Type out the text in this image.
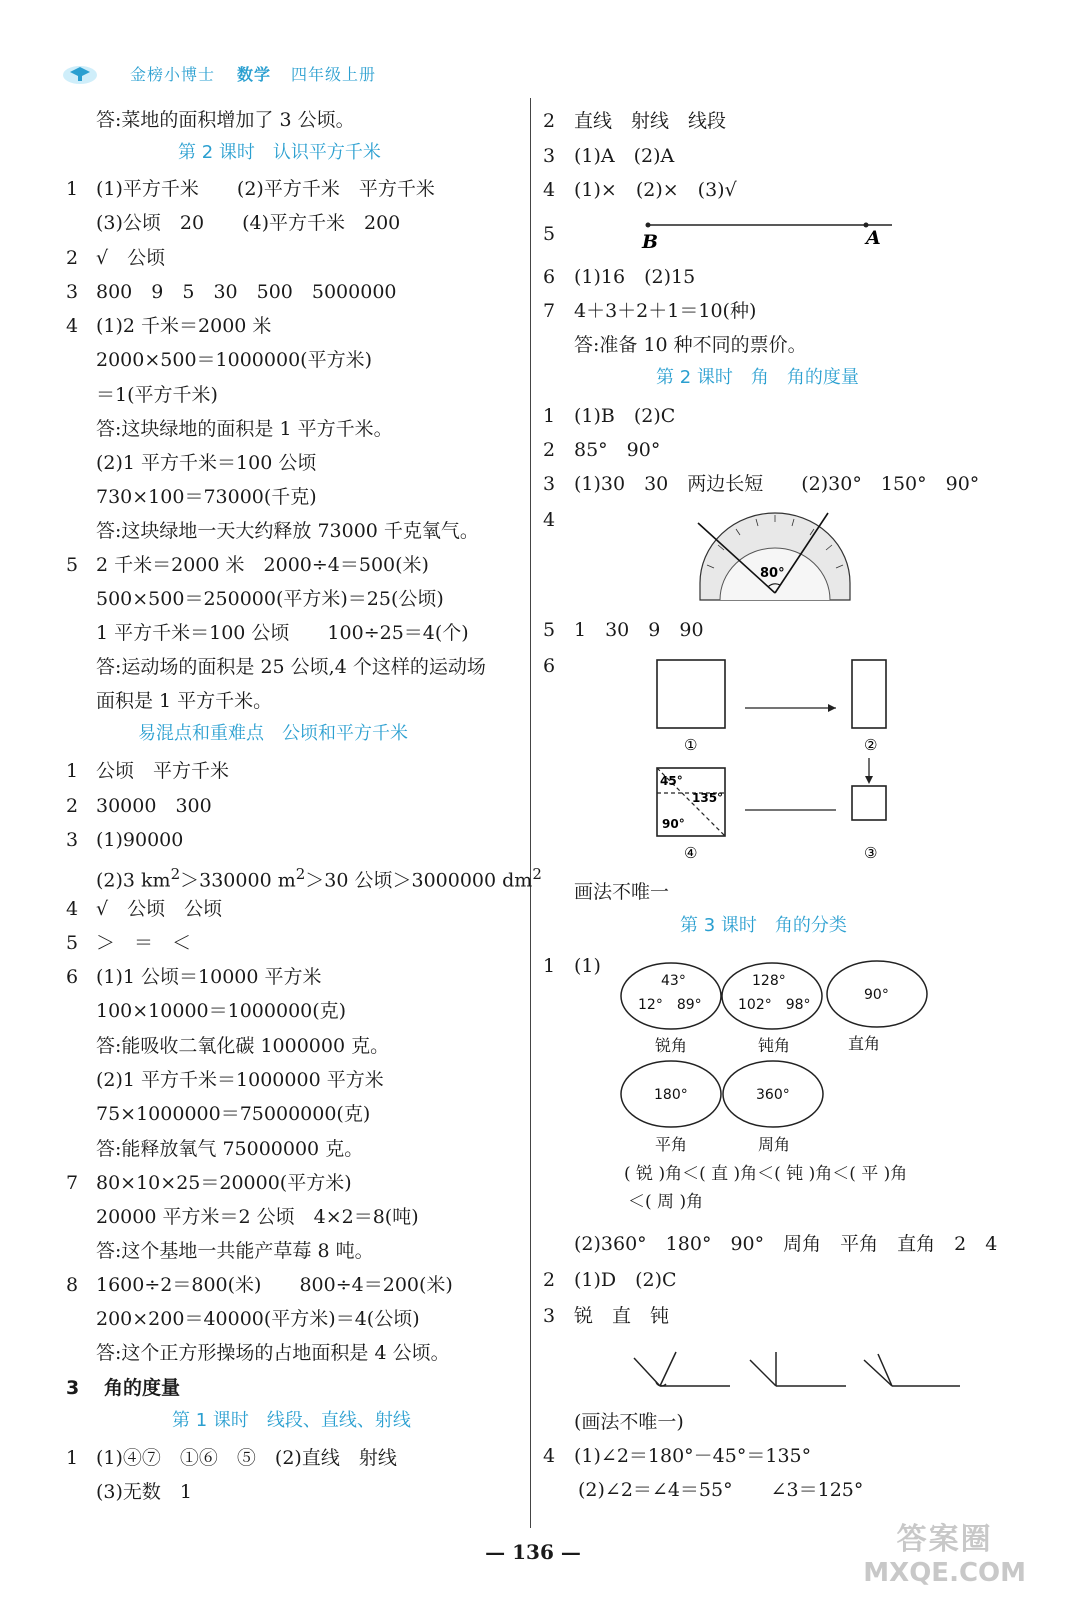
金榜小博士 数学 四年级上册
答:菜地的面积增加了 3 公顷。
第 2 课时　认识平方千米
1 (1)平方千米　　(2)平方千米　平方千米
(3)公顷　20　　(4)平方千米　200
2 √　公顷
3 800　9　5　30　500　5000000
4 (1)2 千米＝2000 米
2000×500＝1000000(平方米)
＝1(平方千米)
答:这块绿地的面积是 1 平方千米。
(2)1 平方千米＝100 公顷
730×100＝73000(千克)
答:这块绿地一天大约释放 73000 千克氧气。
5 2 千米＝2000 米　2000÷4＝500(米)
500×500＝250000(平方米)＝25(公顷)
1 平方千米＝100 公顷　　100÷25＝4(个)
答:运动场的面积是 25 公顷,4 个这样的运动场
面积是 1 平方千米。
易混点和重难点　公顷和平方千米
1 公顷　平方千米
2 30000　300
3 (1)90000
(2)3 $km^2>330000$ $m^2>30$ 公顷＞3000000 $dm^2$
4 √　公顷　公顷
5 ＞　＝　＜
6 (1)1 公顷＝10000 平方米
100×10000＝1000000(克)
答:能吸收二氧化碳 1000000 克。
(2)1 平方千米＝1000000 平方米
75×1000000＝75000000(克)
答:能释放氧气 75000000 克。
7 80×10×25＝20000(平方米)
20000 平方米＝2 公顷　4×2＝8(吨)
答:这个基地一共能产草莓 8 吨。
8 1600÷2＝800(米)　　800÷4＝200(米)
200×200＝40000(平方米)＝4(公顷)
答:这个正方形操场的占地面积是 4 公顷。
3 角的度量
第 1 课时　线段、直线、射线
1 (1)④⑦　①⑥　⑤　(2)直线　射线
(3)无数　1
2 直线　射线　线段
3 (1)A　(2)A
4 (1)×　(2)×　(3)√
5	B	A
6 (1)16　(2)15
7 4＋3＋2＋1＝10(种)
答:准备 10 种不同的票价。
第 2 课时　角　角的度量
1 (1)B　(2)C
2 85°　90°
3 (1)30　30　两边长短　　(2)30°　150°　90°
4
80°
5 1　30　9　90
6
①	②
45°
135°
90°
④	③
画法不唯一
第 3 课时　角的分类
1 (1)
43°
12°　89°
128°
102°　98°
90°
180°	360°
锐角	钝角	直角
平角	周角
( 锐 )角＜( 直 )角＜( 钝 )角＜( 平 )角
＜( 周 )角
(2)360°　180°　90°　周角　平角　直角　2　4
2 (1)D　(2)C
3 锐　直　钝
(画法不唯一)
4 (1)∠2＝180°－45°＝135°
(2)∠2＝∠4＝55°　　∠3＝125°
— 136 —	答案圈
MXQE.COM
